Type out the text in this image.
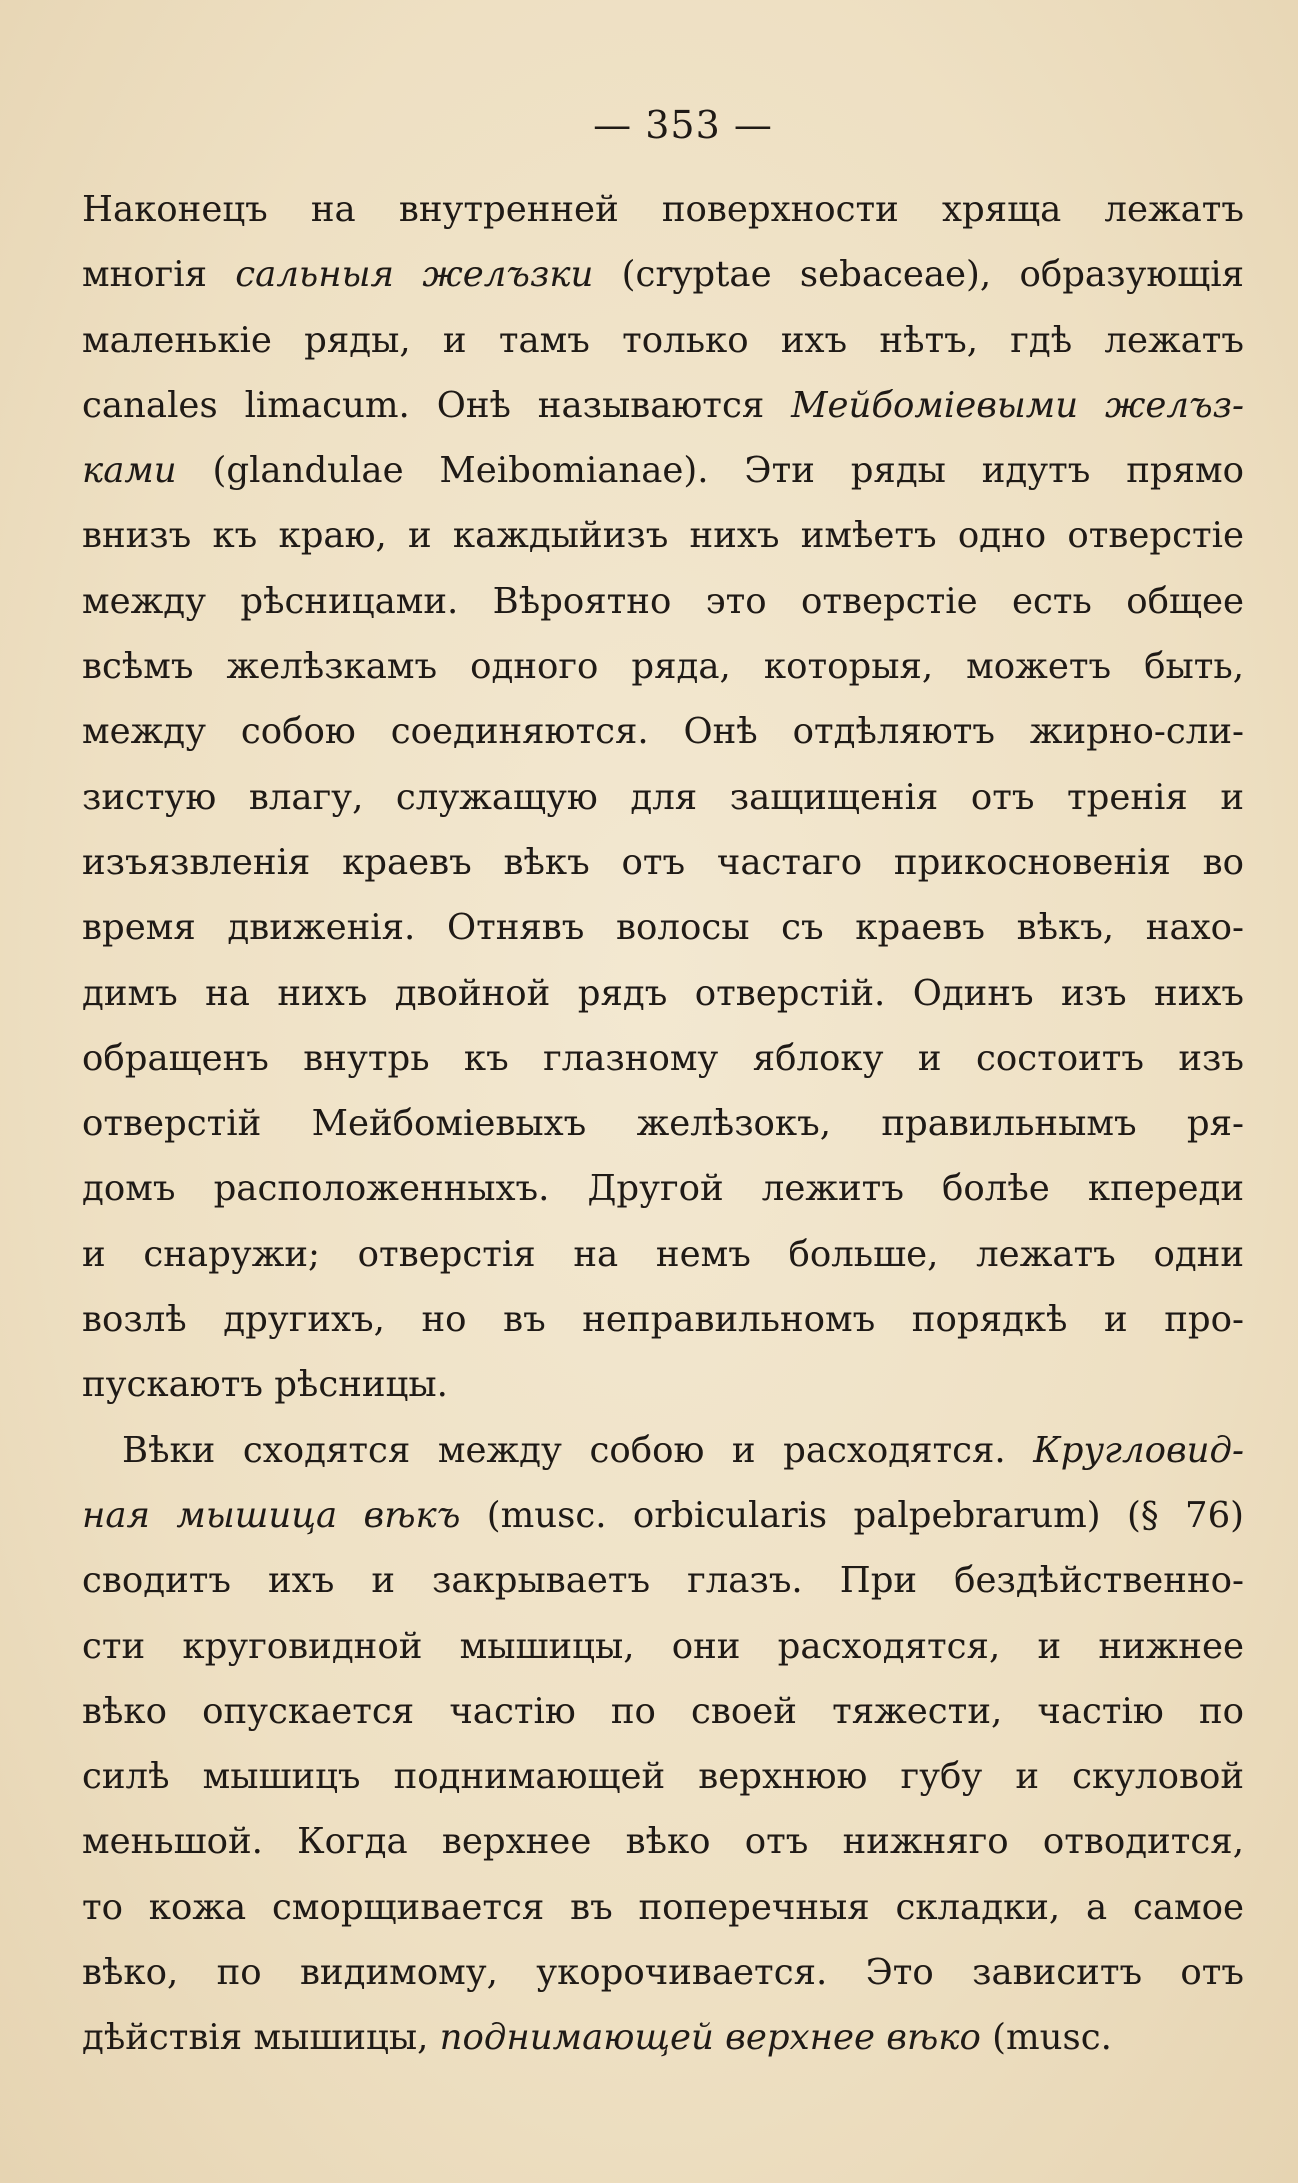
— 353 —
Наконецъ на внутренней поверхности хряща лежатъ
многія сальныя желъзки (cryptae sebaceae), образующія
маленькіе ряды, и тамъ только ихъ нѣтъ, гдѣ лежатъ
canales limacum. Онѣ называются Мейбоміевыми желъз-
ками (glandulae Meibomianae). Эти ряды идутъ прямо
внизъ къ краю, и каждыйизъ нихъ имѣетъ одно отверстіе
между рѣсницами. Вѣроятно это отверстіе есть общее
всѣмъ желѣзкамъ одного ряда, которыя, можетъ быть,
между собою соединяются. Онѣ отдѣляютъ жирно-сли-
зистую влагу, служащую для защищенія отъ тренія и
изъязвленія краевъ вѣкъ отъ частаго прикосновенія во
время движенія. Отнявъ волосы съ краевъ вѣкъ, нахо-
димъ на нихъ двойной рядъ отверстій. Одинъ изъ нихъ
обращенъ внутрь къ глазному яблоку и состоитъ изъ
отверстій Мейбоміевыхъ желѣзокъ, правильнымъ ря-
домъ расположенныхъ. Другой лежитъ болѣе кпереди
и снаружи; отверстія на немъ больше, лежатъ одни
возлѣ другихъ, но въ неправильномъ порядкѣ и про-
пускаютъ рѣсницы.
Вѣки сходятся между собою и расходятся. Кругловид-
ная мышица вѣкъ (musc. orbicularis palpebrarum) (§ 76)
сводитъ ихъ и закрываетъ глазъ. При бездѣйственно-
сти круговидной мышицы, они расходятся, и нижнее
вѣко опускается частію по своей тяжести, частію по
силѣ мышицъ поднимающей верхнюю губу и скуловой
меньшой. Когда верхнее вѣко отъ нижняго отводится,
то кожа сморщивается въ поперечныя складки, а самое
вѣко, по видимому, укорочивается. Это зависитъ отъ
дѣйствія мышицы, поднимающей верхнее вѣко (musc.
